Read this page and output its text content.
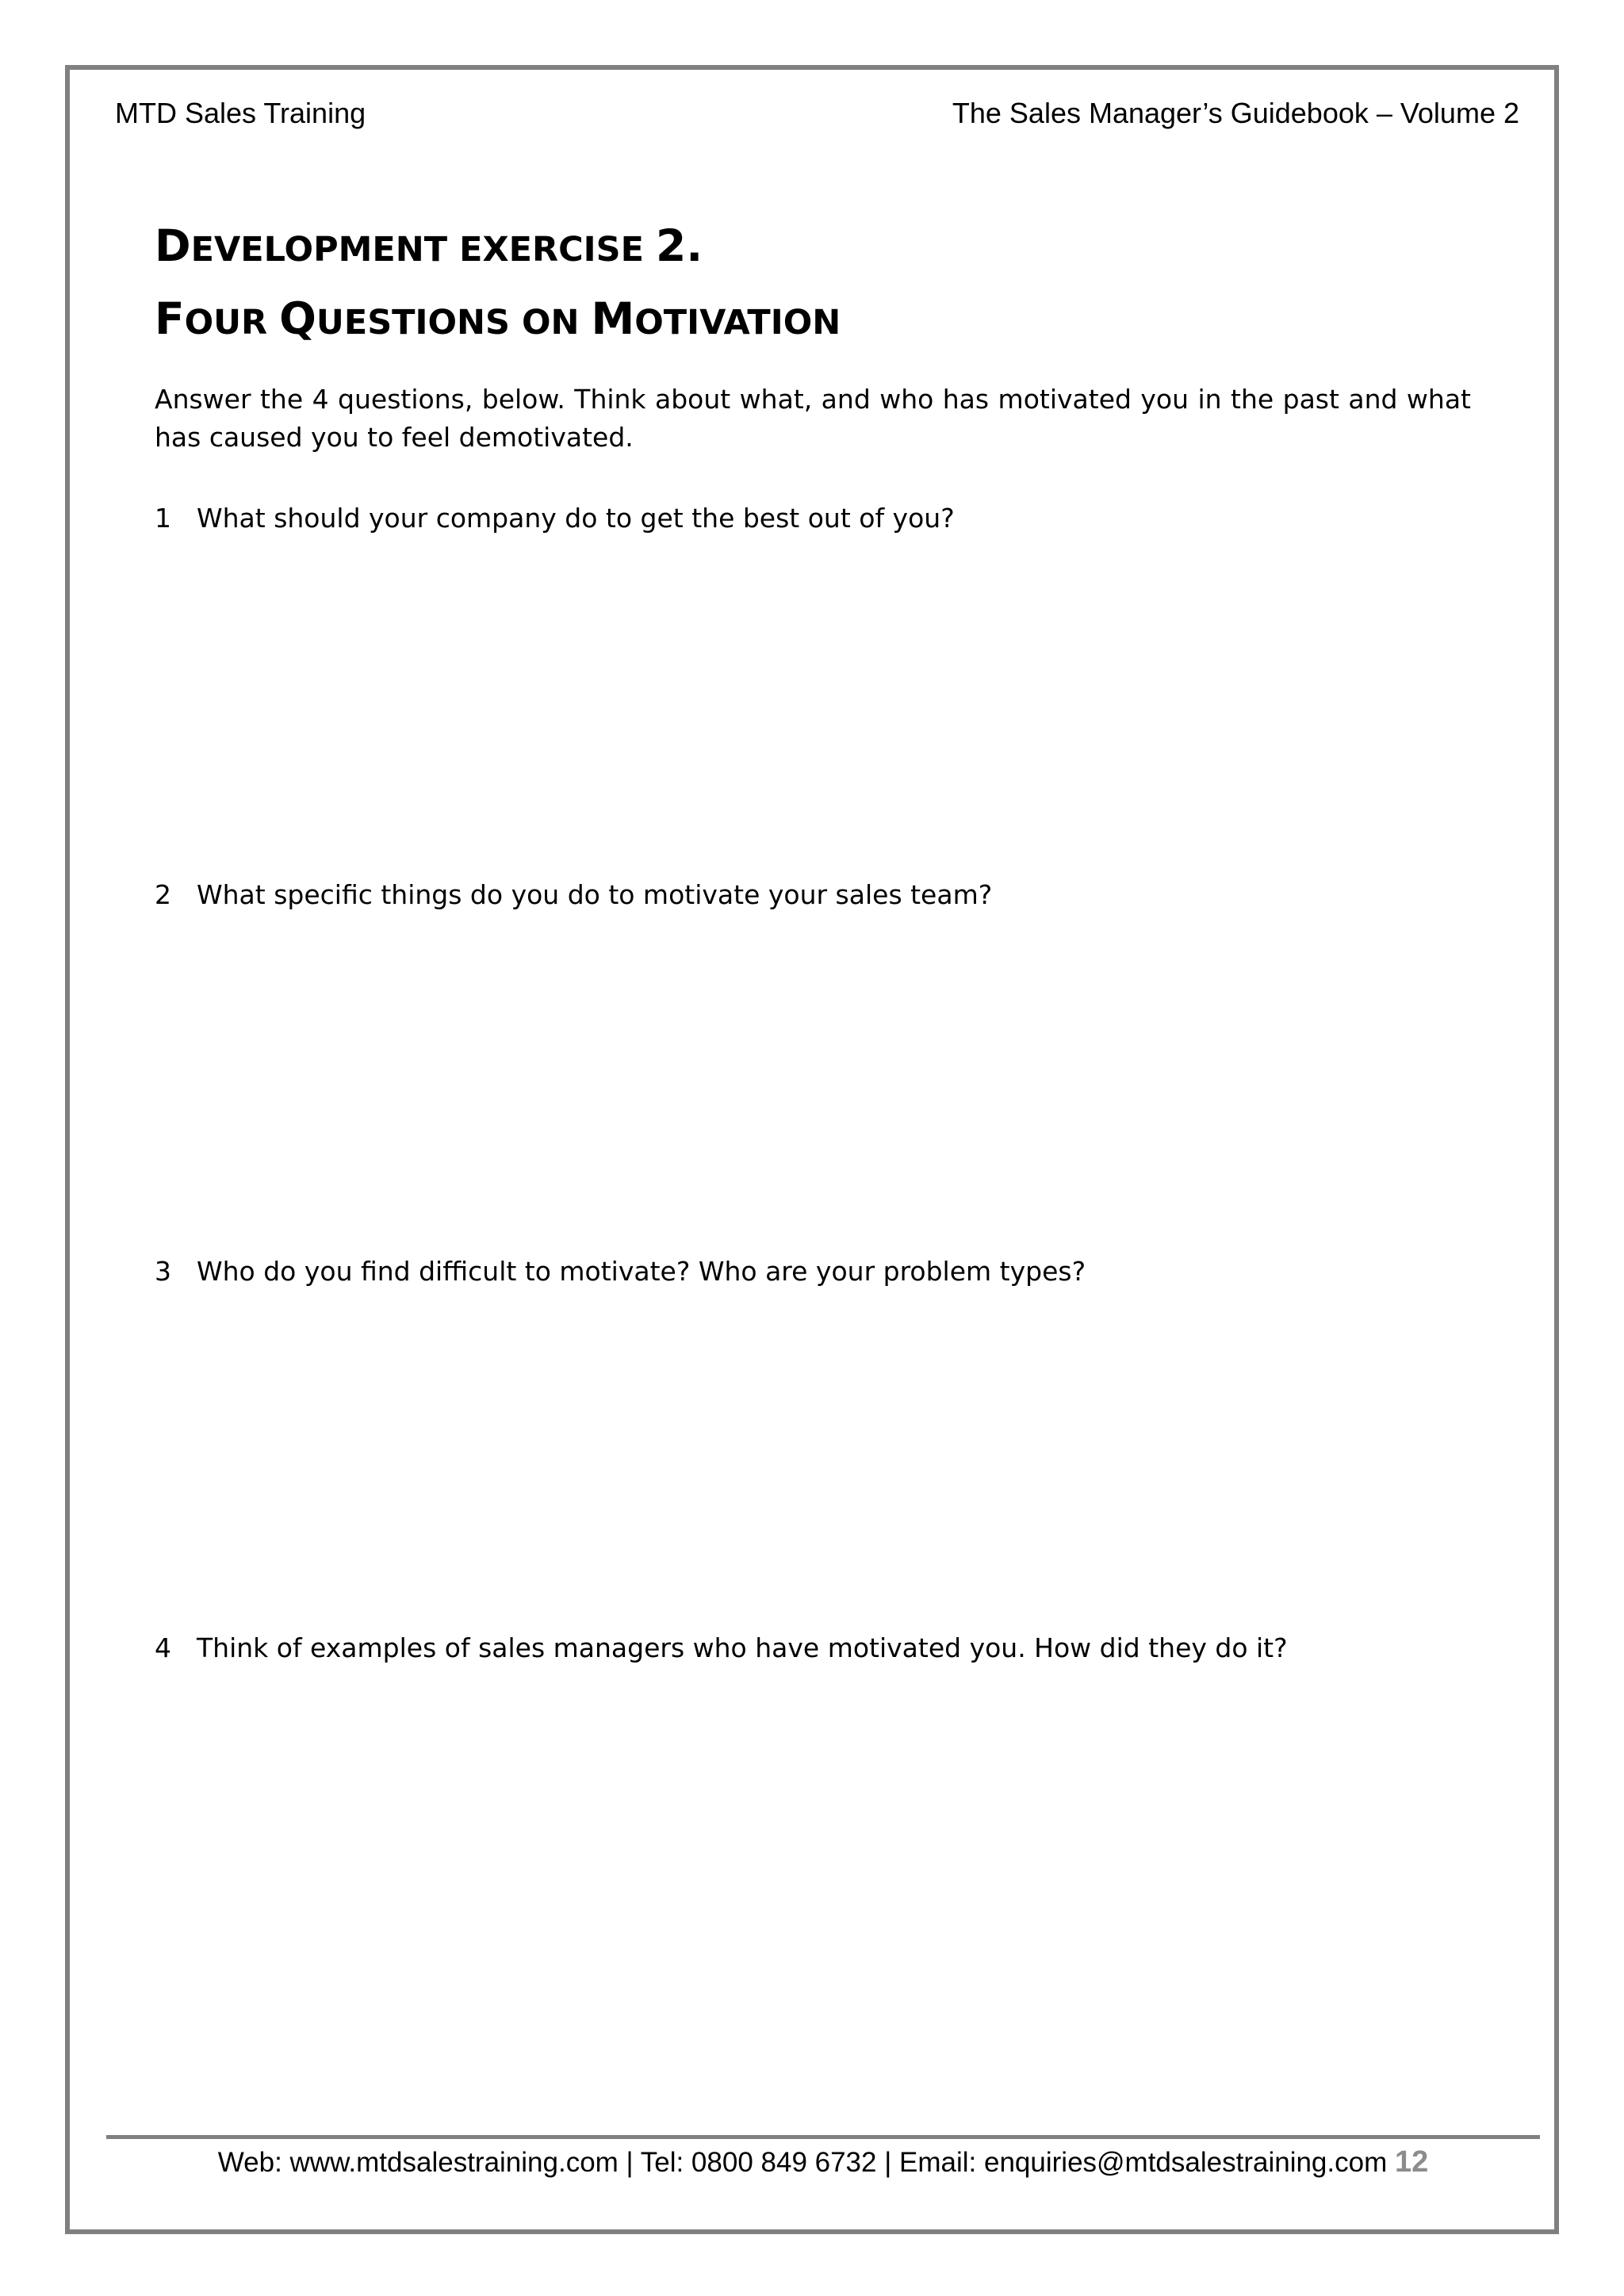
MTD Sales Training	The Sales Manager’s Guidebook – Volume 2
DEVELOPMENT EXERCISE 2.
FOUR QUESTIONS ON MOTIVATION

Answer the 4 questions, below. Think about what, and who has motivated you in the past and what has caused you to feel demotivated.

1 What should your company do to get the best out of you?
2 What specific things do you do to motivate your sales team?
3 Who do you find difficult to motivate? Who are your problem types?
4 Think of examples of sales managers who have motivated you. How did they do it?
Web: www.mtdsalestraining.com | Tel: 0800 849 6732 | Email: enquiries@mtdsalestraining.com 12
